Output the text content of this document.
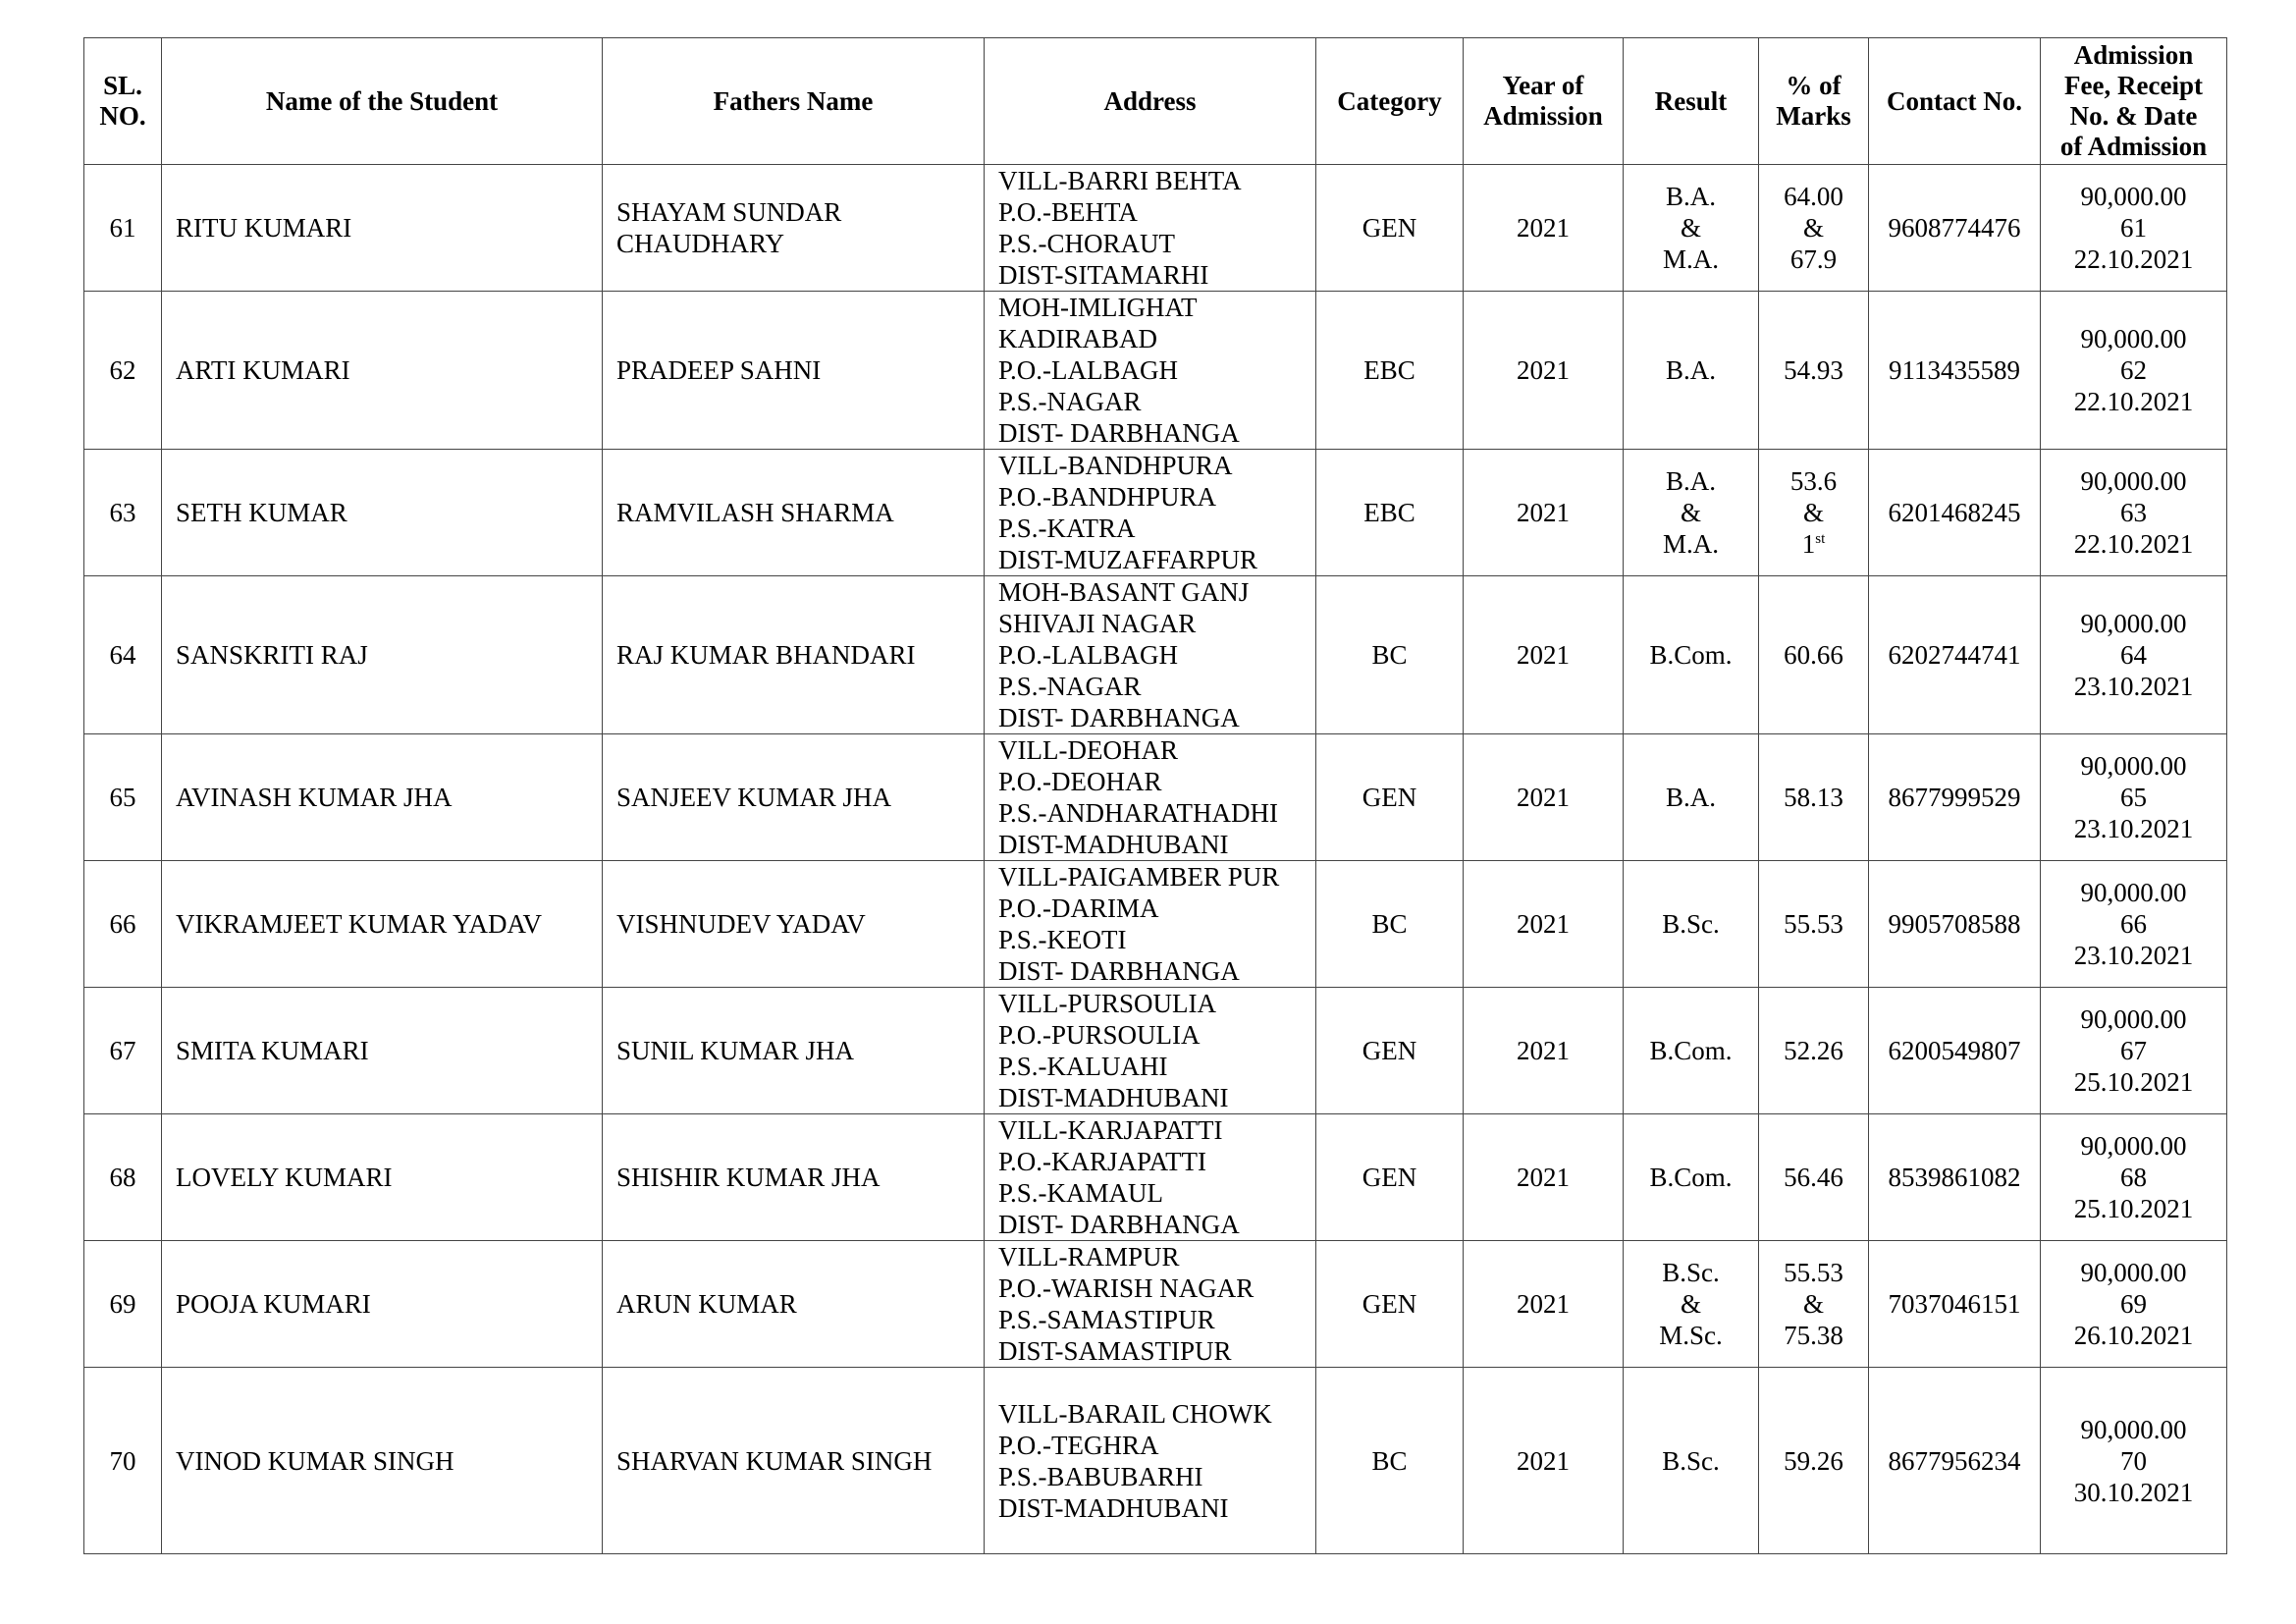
SL.
NO.	Name of the Student	Fathers Name	Address	Category	Year of
Admission	Result	% of
Marks	Contact No.	Admission
Fee, Receipt
No. & Date
of Admission

61	RITU KUMARI	SHAYAM SUNDAR
CHAUDHARY	VILL-BARRI BEHTA
P.O.-BEHTA
P.S.-CHORAUT
DIST-SITAMARHI	GEN	2021	B.A.
&
M.A.	64.00
&
67.9	9608774476	90,000.00
61
22.10.2021

62	ARTI KUMARI	PRADEEP SAHNI	MOH-IMLIGHAT
KADIRABAD
P.O.-LALBAGH
P.S.-NAGAR
DIST- DARBHANGA	EBC	2021	B.A.	54.93	9113435589	90,000.00
62
22.10.2021

63	SETH KUMAR	RAMVILASH SHARMA	VILL-BANDHPURA
P.O.-BANDHPURA
P.S.-KATRA
DIST-MUZAFFARPUR	EBC	2021	B.A.
&
M.A.	53.6
&
1st	6201468245	90,000.00
63
22.10.2021

64	SANSKRITI RAJ	RAJ KUMAR BHANDARI	MOH-BASANT GANJ
SHIVAJI NAGAR
P.O.-LALBAGH
P.S.-NAGAR
DIST- DARBHANGA	BC	2021	B.Com.	60.66	6202744741	90,000.00
64
23.10.2021

65	AVINASH KUMAR JHA	SANJEEV KUMAR JHA	VILL-DEOHAR
P.O.-DEOHAR
P.S.-ANDHARATHADHI
DIST-MADHUBANI	GEN	2021	B.A.	58.13	8677999529	90,000.00
65
23.10.2021

66	VIKRAMJEET KUMAR YADAV	VISHNUDEV YADAV	VILL-PAIGAMBER PUR
P.O.-DARIMA
P.S.-KEOTI
DIST- DARBHANGA	BC	2021	B.Sc.	55.53	9905708588	90,000.00
66
23.10.2021

67	SMITA KUMARI	SUNIL KUMAR JHA	VILL-PURSOULIA
P.O.-PURSOULIA
P.S.-KALUAHI
DIST-MADHUBANI	GEN	2021	B.Com.	52.26	6200549807	90,000.00
67
25.10.2021

68	LOVELY KUMARI	SHISHIR KUMAR JHA	VILL-KARJAPATTI
P.O.-KARJAPATTI
P.S.-KAMAUL
DIST- DARBHANGA	GEN	2021	B.Com.	56.46	8539861082	90,000.00
68
25.10.2021

69	POOJA KUMARI	ARUN KUMAR	VILL-RAMPUR
P.O.-WARISH NAGAR
P.S.-SAMASTIPUR
DIST-SAMASTIPUR	GEN	2021	B.Sc.
&
M.Sc.	55.53
&
75.38	7037046151	90,000.00
69
26.10.2021

70	VINOD KUMAR SINGH	SHARVAN KUMAR SINGH	VILL-BARAIL CHOWK
P.O.-TEGHRA
P.S.-BABUBARHI
DIST-MADHUBANI	BC	2021	B.Sc.	59.26	8677956234	90,000.00
70
30.10.2021
